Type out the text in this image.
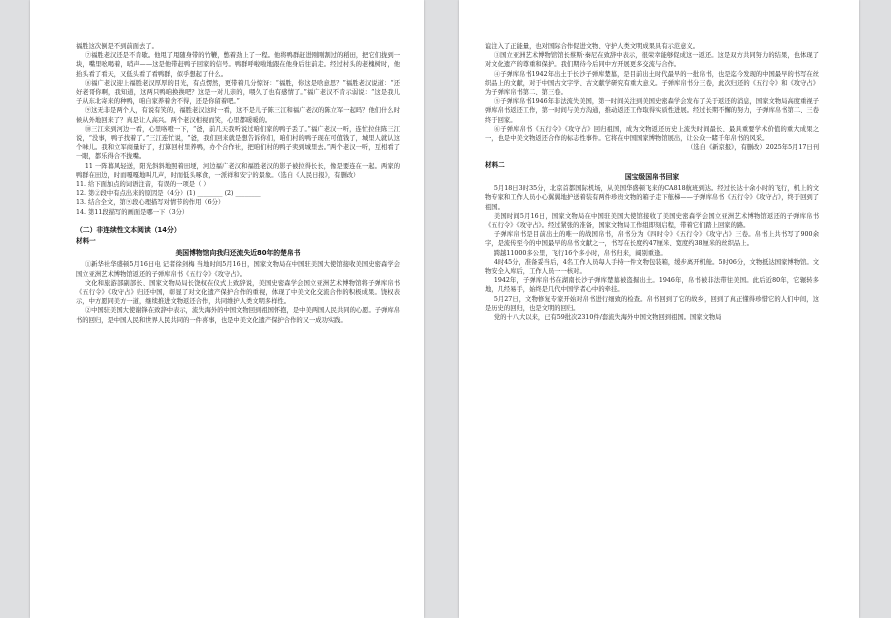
福胜这次倒是不到前面去了。

⑦福胜老汉还是不肯歇。他甩了甩随身带的竹鞭，憋着劲上了一程。他将鸭群赶进刚刚割过的稻田，把它们拢到一块，嘴里吆喝着，哨声——这是他带赶鸭子回家的信号。鸭群呼啦啦地跟在他身后往前走。经过村头的老槐树时，他抬头看了看天，又低头看了看鸭群，似乎想起了什么。

⑧福广老汉迎上福胜老汉厚厚的目光，有点愣然，更带着几分惊讶：“福胜，你这是啥意思？”福胜老汉说道：“还好老哥你啊，我知道，这两只鸭咱换换吧？这是一对儿亲的，喂久了也有感情了。”福广老汉不肯示弱说：“这是我儿子从东北寄来的种鸭，咱自家养着舍不得，还是你留着吧。”

⑨这无非是两个人，有说有笑的，福胜老汉这时一看，这不是儿子陈三江和福广老汉的陈立军一起吗？他们什么时候从外地回来了？真是让人高兴。两个老汉相视而笑，心里都暖暖的。

⑩三江来到河边一看，心里咯噔一下，“爸，前几天我听说过咱们家的鸭子丢了。”福广老汉一听，连忙拉住陈三江说，“没事，鸭子找着了。”三江连忙说，“爸，我们回来就是想告诉你们，咱们村的鸭子现在可值钱了，城里人就认这个味儿。我和立军商量好了，打算回村里养鸭，办个合作社，把咱们村的鸭子卖到城里去。”两个老汉一听，互相看了一眼，都乐得合不拢嘴。

11 一阵暮风轻送，阳光斜斜地照着田埂，河边福广老汉和福胜老汉的影子被拉得长长，像是要连在一起。两家的鸭群在田边，时而嘎嘎地叫几声，时而低头啄食，一派祥和安宁的景象。（选自《人民日报》，有删改）

11. 给下面加点的词语注音，有误的一项是（ ）

12. 第②段中有点出来的原因是（4分）(1) ________ (2) ________

13. 结合全文，第⑨段心理描写对情节的作用（6分）

14. 第11段描写的画面是哪一下（3分）

（二）非连续性文本阅读（14分）

材料一

美国博物馆向我归还流失近80年的楚帛书

①新华社华盛顿5月16日电 记者徐剑梅 当地时间5月16日，国家文物局在中国驻美国大使馆接收美国史密森学会国立亚洲艺术博物馆返还的子弹库帛书《五行令》《攻守占》。

文化和旅游部副部长、国家文物局局长饶权在仪式上致辞说，美国史密森学会国立亚洲艺术博物馆将子弹库帛书《五行令》《攻守占》归还中国，彰显了对文化遗产保护合作的重视，体现了中美文化交流合作的积极成果。饶权表示，中方愿同美方一道，继续推进文物返还合作，共同维护人类文明多样性。

②中国驻美国大使谢锋在致辞中表示，流失海外的中国文物回到祖国怀抱，是中美两国人民共同的心愿。子弹库帛书的回归，是中国人民和世界人民共同的一件喜事，也是中美文化遗产保护合作的又一成功实践。

谊注入了正能量，也对国际合作促进文物、守护人类文明成果具有示范意义。

③国立亚洲艺术博物馆馆长蔡斯·秦尼在致辞中表示，很荣幸能够促成这一返还。这是双方共同努力的结果，也体现了对文化遗产的尊重和保护。我们期待今后同中方开展更多交流与合作。

④子弹库帛书1942年出土于长沙子弹库楚墓，是目前出土时代最早的一批帛书，也是迄今发现的中国最早的书写在丝织品上的文献，对于中国古文字学、古文献学研究有重大意义。子弹库帛书分三卷，此次归还的《五行令》和《攻守占》为子弹库帛书第二、第三卷。

⑤子弹库帛书1946年非法流失美国，第一时间关注到美国史密森学会发布了关于返还的消息，国家文物局高度重视子弹库帛书返还工作，第一时间与美方沟通，推动返还工作取得实质性进展。经过长期不懈的努力，子弹库帛书第二、三卷终于回家。

⑥子弹库帛书《五行令》《攻守占》回归祖国，成为文物返还历史上流失时间最长、最具重要学术价值的重大成果之一，也是中美文物返还合作的标志性事件。它将在中国国家博物馆展出，让公众一睹千年帛书的风采。

（选自《新京报》，有删改）2025年5月17日刊

材料二

国宝级国帛书回家

5月18日3时35分，北京首都国际机场，从美国华盛顿飞来的CA818航班到达。经过长达十余小时的飞行，机上的文物专家和工作人员小心翼翼地护送着装有两件珍贵文物的箱子走下舷梯——子弹库帛书《五行令》《攻守占》，终于回到了祖国。

美国时间5月16日，国家文物局在中国驻美国大使馆接收了美国史密森学会国立亚洲艺术博物馆返还的子弹库帛书《五行令》《攻守占》。经过紧张的准备，国家文物局工作组即刻启程，带着它们踏上回家的路。

子弹库帛书是目前出土的唯一的战国帛书，帛书分为《四时令》《五行令》《攻守占》三卷。帛书上共书写了900余字，是流传至今的中国最早的帛书文献之一，书写在长度约47厘米、宽度约38厘米的丝织品上。

跨越11000多公里，飞行16个多小时，帛书归来，阔别重逢。

4时45分，准备妥当后，4名工作人员每人手持一件文物包装箱，缓步离开机舱。5时06分，文物抵达国家博物馆。文物安全入库后，工作人员一一核对。

1942年，子弹库帛书在湖南长沙子弹库楚墓被盗掘出土。1946年，帛书被非法带往美国。此后近80年，它辗转多地，几经易手，始终是几代中国学者心中的牵挂。

5月27日，文物修复专家开始对帛书进行细致的检查。帛书回到了它的故乡，回到了真正懂得珍惜它的人们中间，这是历史的回归，也是文明的回归。

党的十八大以来，已有59批次2310件/套流失海外中国文物回到祖国。国家文物局
